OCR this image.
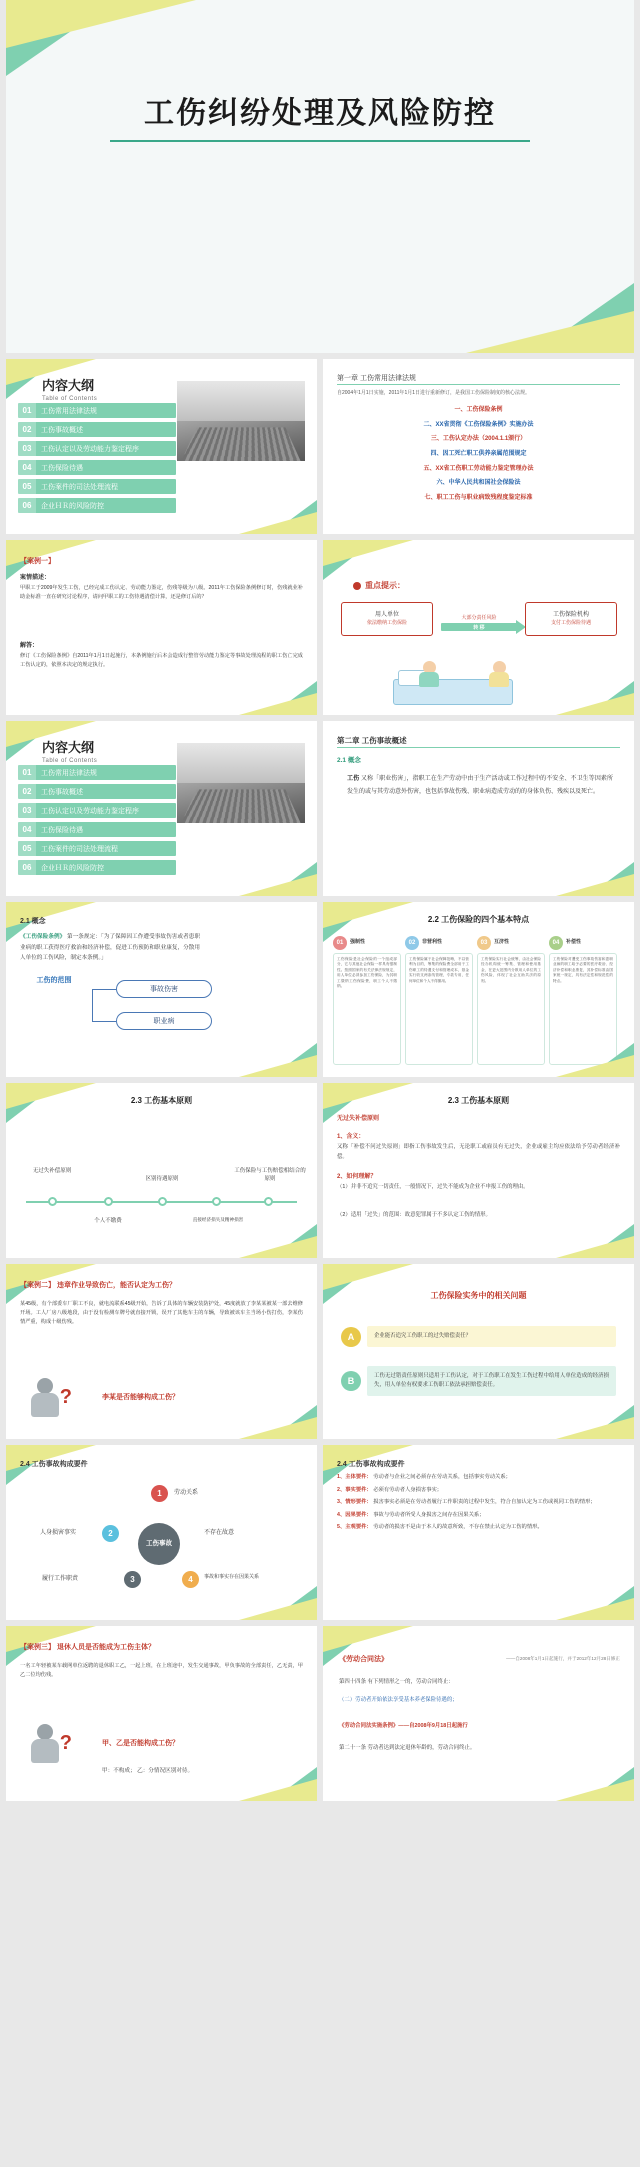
工伤纠纷处理及风险防控
内容大纲
Table of Contents
01	工伤常用法律法规
02	工伤事故概述
03	工伤认定以及劳动能力鉴定程序
04	工伤保险待遇
05	工伤案件的司法处理流程
06	企业ＨＲ的风险防控
第一章 工伤常用法律法规
自2004年1月1日实施，2011年1月1日进行重新修订，是我国工伤保险制度的核心法规。
一、工伤保险条例
二、XX省贯彻《工伤保险条例》实施办法
三、工伤认定办法（2004.1.1颁行）
四、因工死亡职工供养亲属范围规定
五、XX省工伤职工劳动能力鉴定管理办法
六、中华人民共和国社会保险法
七、职工工伤与职业病致残程度鉴定标准
【案例一】
案情描述：
甲职工于2009年发生工伤，已经完成工伤认定、劳动能力鉴定，伤残等级为八级。2011年工伤保险条例修订时，伤残就业补助金标准一直在研究讨论程序，请问甲职工的工伤待遇清偿计算，还是修订后的？
解答：
修订《工伤保险条例》自2011年1月1日起施行，本条例施行后本会造成行整管劳动能力鉴定等事故处理流程的职工伤亡完成工伤认定的，依照本决定的规定执行。
重点提示：
用人单位
依法缴纳工伤保险
大部分责任风险
转 移
工伤保险机构
支付工伤保险待遇
内容大纲
Table of Contents
01	工伤常用法律法规
02	工伤事故概述
03	工伤认定以及劳动能力鉴定程序
04	工伤保险待遇
05	工伤案件的司法处理流程
06	企业ＨＲ的风险防控
第二章 工伤事故概述
2.1 概念
工伤 又称「职业伤害」，指职工在生产劳动中由于生产活动或工作过程中的不安全、不卫生等因素所发生的或与其劳动意外伤害，也包括事故伤残、职业病造成劳动的的身体负伤、残疾以及死亡。
2.1 概念
《工伤保险条例》 第一条规定：「为了保障因工作遭受事故伤害或者患职业病的职工获得医疗救治和经济补偿，促进工伤预防和职业康复，分散用人单位的工伤风险，制定本条例。」
工伤的范围
事故伤害
职业病
2.2 工伤保险的四个基本特点
01	强制性
工伤保险是社会保险的一个组成部分，它与其他社会保险一样具有强制性。按照国家的有关法律法规规定，用人单位必须参加工伤保险，为其职工缴纳工伤保险费，职工个人不缴纳。
02	非营利性
工伤保险属于社会保障范畴，不以营利为目的，筹集的保险费全部用于工伤职工的待遇支付和管理成本，基金实行收支两条线管理，专款专用，任何单位和个人不得挪用。
03	互济性
工伤保险实行社会统筹，由社会保险经办机构统一筹集、管理和使用基金，在更大范围内分散用人单位的工伤风险，体现了社会互助共济的原则。
04	补偿性
工伤保险对遭受工伤事故伤害和患职业病的职工给予必要的医疗救治、经济补偿和职业康复，其补偿标准由国家统一规定，具有法定性和规范性的特点。
2.3 工伤基本原则
无过失补偿原则
个人不缴费
区别待遇原则
直接经济损失及精神损害
工伤保险与工伤赔偿相结合的原则
2.3 工伤基本原则
无过失补偿原则
1、含义：
又称「补偿不问过失原则」即指工伤事故发生后，无论职工或雇员有无过失，企业或雇主均应依法给予劳动者经济补偿。
2、如何理解？
（1）并非不追究一切责任，一般情况下，过失不能成为企业不申报工伤的理由。
（2）适用「过失」的范围：故意犯罪属于不多认定工伤的情形。
【案例二】 违章作业导致伤亡，能否认定为工伤？
某45级，有个部委车厂职工不良，就电流联系45级开始，告诉了具体的车辆安装防护处，45度就放了李某某被某一部去维修开场。工人厂房八级地段，由于没有检测车牌号就直接开锁，误开了其他车主的车辆，导致被该车主当场小伤打伤，李某伤情严重，构成十级伤残。
?	李某是否能够构成工伤？
工伤保险实务中的相关问题
A	企业能否追究工伤职工的过失赔偿责任？
B
工伤无过错责任原则只适用于工伤认定，对于工伤职工在发生工伤过程中给用人单位造成的经济损失，用人单位有权要求工伤职工依法承担赔偿责任。
2.4 工伤事故构成要件
工伤事故
1	劳动关系
2
人身损害事实
3
履行工作职责	4	事故和事实存在因果关系
不存在故意
2.4 工伤事故构成要件
1、主体要件： 劳动者与企业之间必须存在劳动关系，包括事实劳动关系；
2、事实要件： 必须有劳动者人身损害事实；
3、情形要件： 损害事实必须是在劳动者履行工作职责的过程中发生，符合自加认定为工伤或视同工伤的情形；
4、因果要件： 事故与劳动者所受人身损害之间存在因果关系；
5、主观要件： 劳动者的损害不是由于本人的故意所致，不存在禁止认定为工伤的情形。
【案例三】 退休人员是否能成为工伤主体？
一名工年轻被某车载网单位返聘的退休职工乙，一起上班，在上班途中，发生交通事故，甲负事故的全部责任，乙无责，甲乙二位均伤残。
?	甲、乙是否能构成工伤？
甲：不构成； 乙：分情况区别对待。
《劳动合同法》	——自2008年1月1日起施行，并于2012年12月28日修正
第四十四条 有下列情形之一的，劳动合同终止：
（二）劳动者开始依法享受基本养老保险待遇的；
《劳动合同法实施条例》——自2008年9月18日起施行
第二十一条 劳动者达到法定退休年龄的，劳动合同终止。
